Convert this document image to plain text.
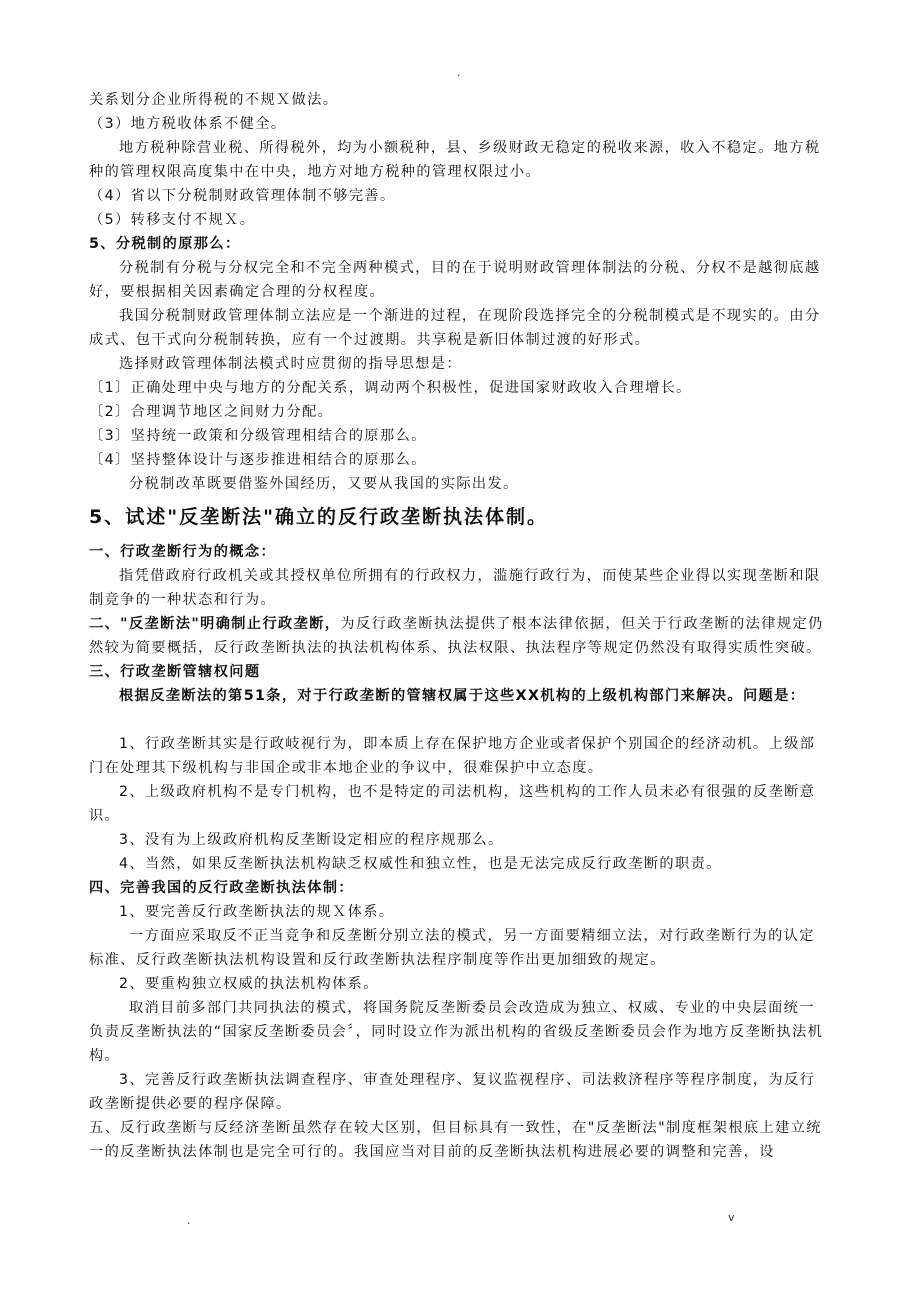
.

关系划分企业所得税的不规Ｘ做法。

（3）地方税收体系不健全。

地方税种除营业税、所得税外，均为小额税种，县、乡级财政无稳定的税收来源，收入不稳定。地方税种的管理权限高度集中在中央，地方对地方税种的管理权限过小。

（4）省以下分税制财政管理体制不够完善。

（5）转移支付不规Ｘ。

5、分税制的原那么：

分税制有分税与分权完全和不完全两种模式，目的在于说明财政管理体制法的分税、分权不是越彻底越好，要根据相关因素确定合理的分权程度。

我国分税制财政管理体制立法应是一个渐进的过程，在现阶段选择完全的分税制模式是不现实的。由分成式、包干式向分税制转换，应有一个过渡期。共享税是新旧体制过渡的好形式。

选择财政管理体制法模式时应贯彻的指导思想是：

〔1〕正确处理中央与地方的分配关系，调动两个积极性，促进国家财政收入合理增长。

〔2〕合理调节地区之间财力分配。

〔3〕坚持统一政策和分级管理相结合的原那么。

〔4〕坚持整体设计与逐步推进相结合的原那么。

分税制改革既要借鉴外国经历，又要从我国的实际出发。

5、试述"反垄断法"确立的反行政垄断执法体制。

一、行政垄断行为的概念：

指凭借政府行政机关或其授权单位所拥有的行政权力，滥施行政行为，而使某些企业得以实现垄断和限制竞争的一种状态和行为。

二、"反垄断法"明确制止行政垄断，为反行政垄断执法提供了根本法律依据，但关于行政垄断的法律规定仍然较为简要概括，反行政垄断执法的执法机构体系、执法权限、执法程序等规定仍然没有取得实质性突破。

三、行政垄断管辖权问题

根据反垄断法的第51条，对于行政垄断的管辖权属于这些XX机构的上级机构部门来解决。问题是：

1、行政垄断其实是行政岐视行为，即本质上存在保护地方企业或者保护个别国企的经济动机。上级部门在处理其下级机构与非国企或非本地企业的争议中，很难保护中立态度。

2、上级政府机构不是专门机构，也不是特定的司法机构，这些机构的工作人员未必有很强的反垄断意识。

3、没有为上级政府机构反垄断设定相应的程序规那么。

4、当然，如果反垄断执法机构缺乏权威性和独立性，也是无法完成反行政垄断的职责。

四、完善我国的反行政垄断执法体制：

1、要完善反行政垄断执法的规Ｘ体系。

一方面应采取反不正当竞争和反垄断分别立法的模式，另一方面要精细立法，对行政垄断行为的认定标准、反行政垄断执法机构设置和反行政垄断执法程序制度等作出更加细致的规定。

2、要重构独立权威的执法机构体系。

取消目前多部门共同执法的模式，将国务院反垄断委员会改造成为独立、权威、专业的中央层面统一负责反垄断执法的“国家反垄断委员会〞，同时设立作为派出机构的省级反垄断委员会作为地方反垄断执法机构。

3、完善反行政垄断执法调查程序、审查处理程序、复议监视程序、司法救济程序等程序制度，为反行政垄断提供必要的程序保障。

五、反行政垄断与反经济垄断虽然存在较大区别，但目标具有一致性，在"反垄断法"制度框架根底上建立统一的反垄断执法体制也是完全可行的。我国应当对目前的反垄断执法机构进展必要的调整和完善，设

.	v
